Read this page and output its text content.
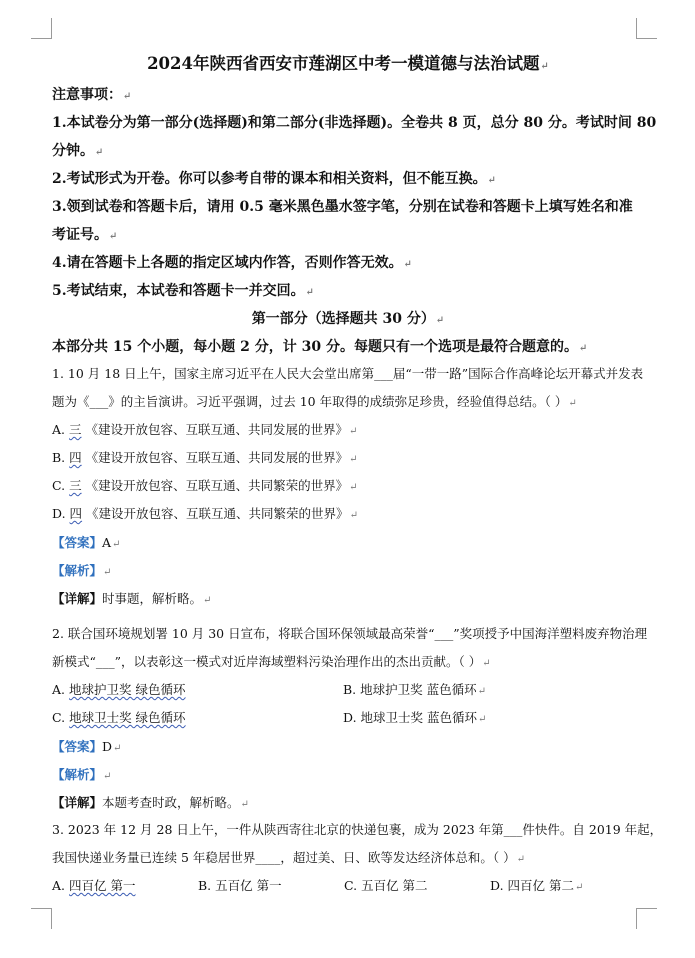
2024年陕西省西安市莲湖区中考一模道德与法治试题↵
注意事项：↵
1.本试卷分为第一部分(选择题)和第二部分(非选择题)。全卷共 8 页，总分 80 分。考试时间 80
分钟。↵
2.考试形式为开卷。你可以参考自带的课本和相关资料，但不能互换。↵
3.领到试卷和答题卡后，请用 0.5 毫米黑色墨水签字笔，分别在试卷和答题卡上填写姓名和准
考证号。↵
4.请在答题卡上各题的指定区域内作答，否则作答无效。↵
5.考试结束，本试卷和答题卡一并交回。↵
第一部分（选择题共 30 分）↵
本部分共 15 个小题，每小题 2 分，计 30 分。每题只有一个选项是最符合题意的。↵
1. 10 月 18 日上午，国家主席习近平在人民大会堂出席第___届“一带一路”国际合作高峰论坛开幕式并发表
题为《___》的主旨演讲。习近平强调，过去 10 年取得的成绩弥足珍贵，经验值得总结。（ ）↵
A. 三 《建设开放包容、互联互通、共同发展的世界》↵
B. 四 《建设开放包容、互联互通、共同发展的世界》↵
C. 三 《建设开放包容、互联互通、共同繁荣的世界》↵
D. 四 《建设开放包容、互联互通、共同繁荣的世界》↵
【答案】A↵
【解析】↵
【详解】时事题，解析略。↵
2. 联合国环境规划署 10 月 30 日宣布，将联合国环保领域最高荣誉“___”奖项授予中国海洋塑料废弃物治理
新模式“___”，以表彰这一模式对近岸海域塑料污染治理作出的杰出贡献。（ ）↵
A. 地球护卫奖 绿色循环	B. 地球护卫奖 蓝色循环↵
C. 地球卫士奖 绿色循环	D. 地球卫士奖 蓝色循环↵
【答案】D↵
【解析】↵
【详解】本题考查时政，解析略。↵
3. 2023 年 12 月 28 日上午，一件从陕西寄往北京的快递包裹，成为 2023 年第___件快件。自 2019 年起，
我国快递业务量已连续 5 年稳居世界____，超过美、日、欧等发达经济体总和。（ ）↵
A. 四百亿 第一	B. 五百亿 第一	C. 五百亿 第二	D. 四百亿 第二↵
